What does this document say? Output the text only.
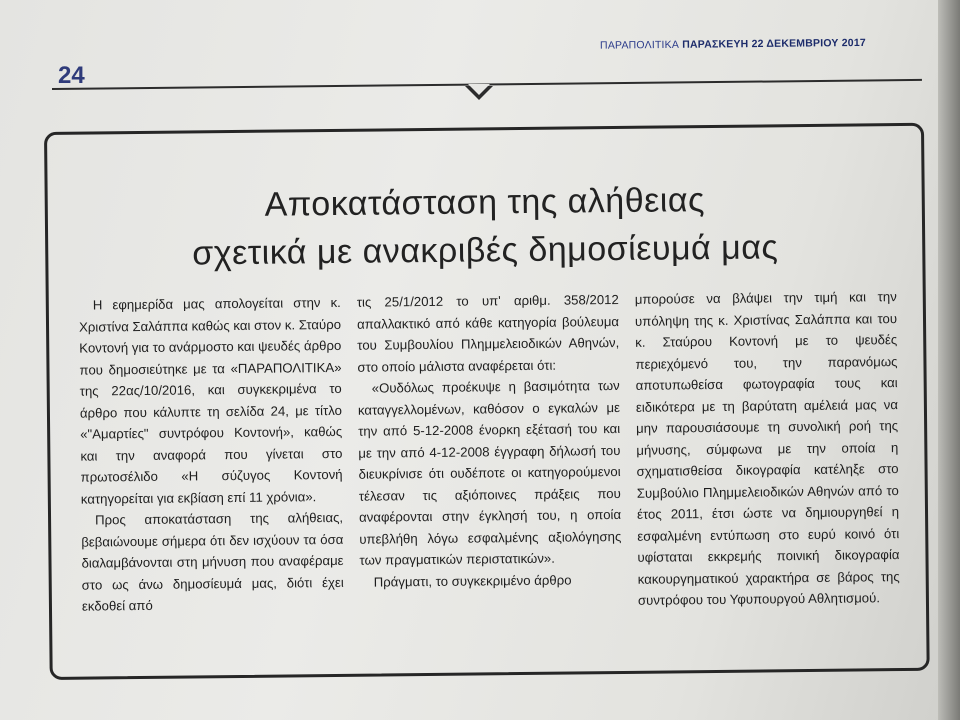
24
ΠΑΡΑΠΟΛΙΤΙΚΑ ΠΑΡΑΣΚΕΥΗ 22 ΔΕΚΕΜΒΡΙΟΥ 2017
Αποκατάσταση της αλήθειας
σχετικά με ανακριβές δημοσίευμά μας

Η εφημερίδα μας απολογείται στην κ. Χριστίνα Σαλάππα καθώς και στον κ. Σταύρο Κοντονή για το ανάρμοστο και ψευδές άρθρο που δημοσιεύτηκε με τα «ΠΑΡΑΠΟΛΙΤΙΚΑ» της 22ας/10/2016, και συγκεκριμένα το άρθρο που κάλυπτε τη σελίδα 24, με τίτλο «"Αμαρτίες" συντρόφου Κοντονή», καθώς και την αναφορά που γίνεται στο πρωτοσέλιδο «Η σύζυγος Κοντονή κατηγορείται για εκβίαση επί 11 χρόνια».

Προς αποκατάσταση της αλήθειας, βεβαιώνουμε σήμερα ότι δεν ισχύουν τα όσα διαλαμβάνονται στη μήνυση που αναφέραμε στο ως άνω δημοσίευμά μας, διότι έχει εκδοθεί από

τις 25/1/2012 το υπ' αριθμ. 358/2012 απαλλακτικό από κάθε κατηγορία βούλευμα του Συμβουλίου Πλημμελειοδικών Αθηνών, στο οποίο μάλιστα αναφέρεται ότι:

«Ουδόλως προέκυψε η βασιμότητα των καταγγελλομένων, καθόσον ο εγκαλών με την από 5-12-2008 ένορκη εξέτασή του και με την από 4-12-2008 έγγραφη δήλωσή του διευκρίνισε ότι ουδέποτε οι κατηγορούμενοι τέλεσαν τις αξιόποινες πράξεις που αναφέρονται στην έγκλησή του, η οποία υπεβλήθη λόγω εσφαλμένης αξιολόγησης των πραγματικών περιστατικών».

Πράγματι, το συγκεκριμένο άρθρο

μπορούσε να βλάψει την τιμή και την υπόληψη της κ. Χριστίνας Σαλάππα και του κ. Σταύρου Κοντονή με το ψευδές περιεχόμενό του, την παρανόμως αποτυπωθείσα φωτογραφία τους και ειδικότερα με τη βαρύτατη αμέλειά μας να μην παρουσιάσουμε τη συνολική ροή της μήνυσης, σύμφωνα με την οποία η σχηματισθείσα δικογραφία κατέληξε στο Συμβούλιο Πλημμελειοδικών Αθηνών από το έτος 2011, έτσι ώστε να δημιουργηθεί η εσφαλμένη εντύπωση στο ευρύ κοινό ότι υφίσταται εκκρεμής ποινική δικογραφία κακουργηματικού χαρακτήρα σε βάρος της συντρόφου του Υφυπουργού Αθλητισμού.
